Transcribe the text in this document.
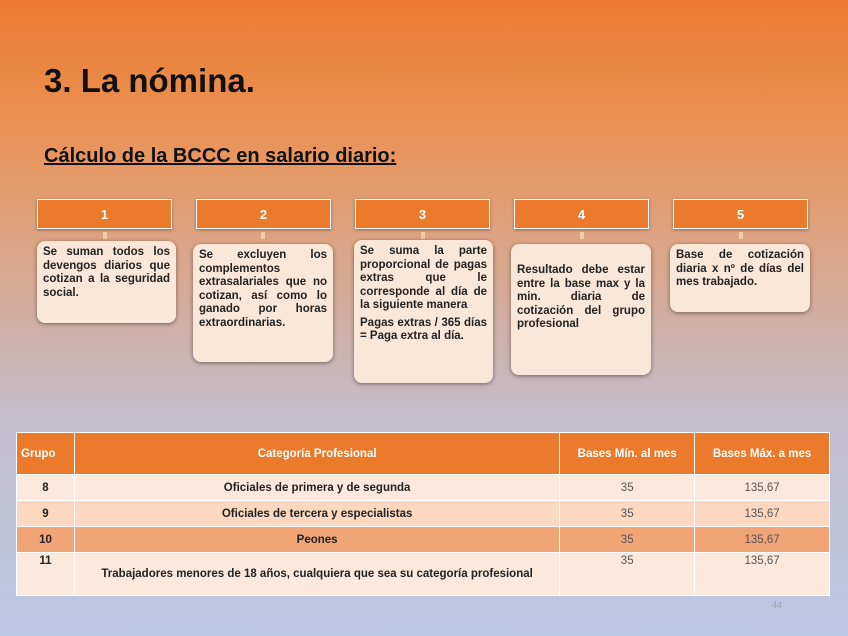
3. La nómina.
Cálculo de la BCCC en salario diario:
1

Se suman todos los devengos diarios que cotizan a la seguridad social.

2

Se excluyen los complementos extrasalariales que no cotizan, así como lo ganado por horas extraordinarias.

3

Se suma la parte proporcional de pagas extras que le corresponde al día de la siguiente manera

Pagas extras / 365 días = Paga extra al día.

4

Resultado debe estar entre la base max y la min. diaria de cotización del grupo profesional

5

Base de cotización diaria x nº de días del mes trabajado.

Grupo	Categoría Profesional	Bases Mín. al mes	Bases Máx. a mes
8	Oficiales de primera y de segunda	35	135,67
9	Oficiales de tercera y especialistas	35	135,67
10	Peones	35	135,67
11	Trabajadores menores de 18 años, cualquiera que sea su categoría profesional	35	135,67
44
